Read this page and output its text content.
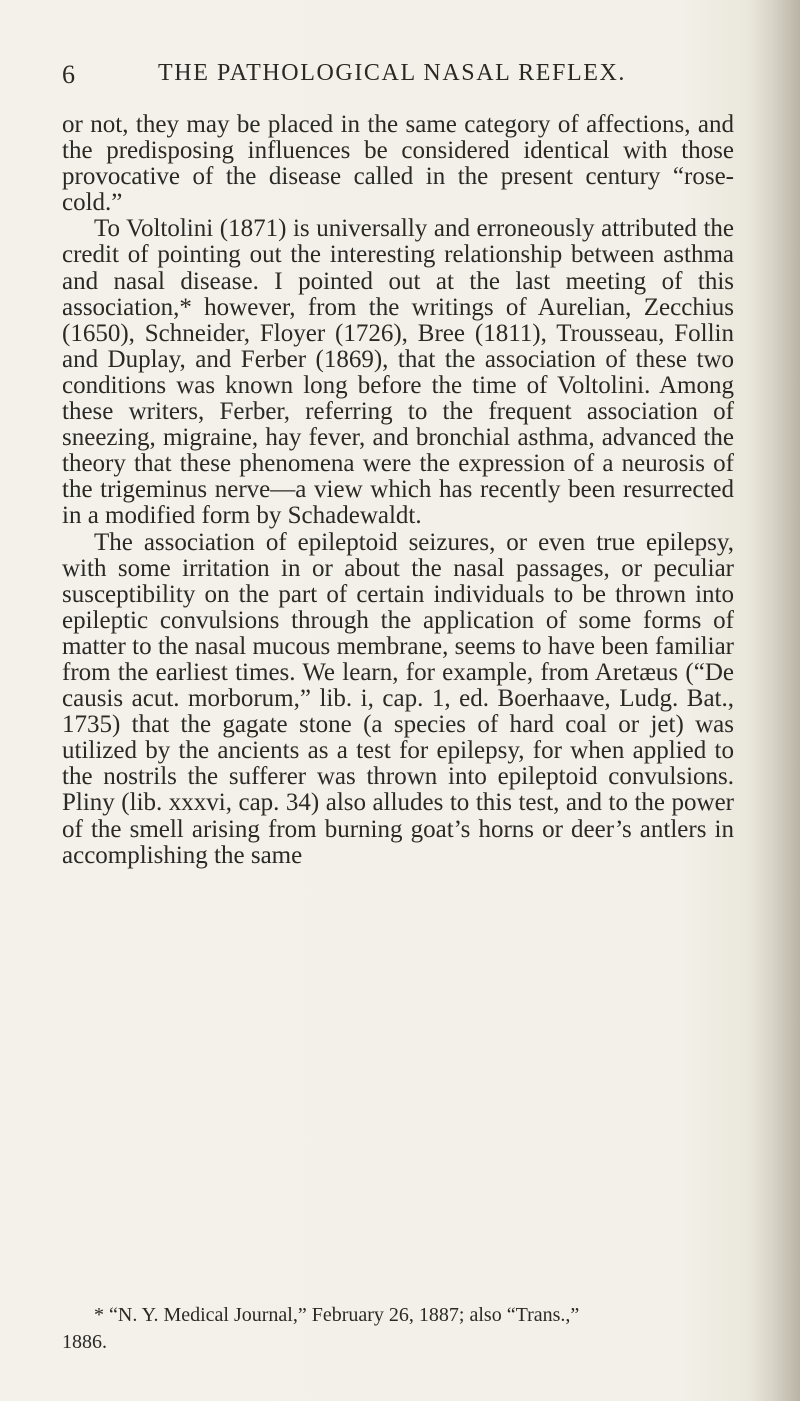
6	THE PATHOLOGICAL NASAL REFLEX.

or not, they may be placed in the same category of affections, and the predisposing influences be considered identical with those provocative of the disease called in the present century “rose-cold.”

To Voltolini (1871) is universally and erroneously attributed the credit of pointing out the interesting relationship between asthma and nasal disease. I pointed out at the last meeting of this association,* however, from the writings of Aurelian, Zecchius (1650), Schneider, Floyer (1726), Bree (1811), Trousseau, Follin and Duplay, and Ferber (1869), that the association of these two conditions was known long before the time of Voltolini. Among these writers, Ferber, referring to the frequent association of sneezing, migraine, hay fever, and bronchial asthma, advanced the theory that these phenomena were the expression of a neurosis of the trigeminus nerve—a view which has recently been resurrected in a modified form by Schadewaldt.

The association of epileptoid seizures, or even true epilepsy, with some irritation in or about the nasal passages, or peculiar susceptibility on the part of certain individuals to be thrown into epileptic convulsions through the application of some forms of matter to the nasal mucous membrane, seems to have been familiar from the earliest times. We learn, for example, from Aretæus (“De causis acut. morborum,” lib. i, cap. 1, ed. Boerhaave, Ludg. Bat., 1735) that the gagate stone (a species of hard coal or jet) was utilized by the ancients as a test for epilepsy, for when applied to the nostrils the sufferer was thrown into epileptoid convulsions. Pliny (lib. xxxvi, cap. 34) also alludes to this test, and to the power of the smell arising from burning goat’s horns or deer’s antlers in accomplishing the same

* “N. Y. Medical Journal,” February 26, 1887; also “Trans.,”
1886.
